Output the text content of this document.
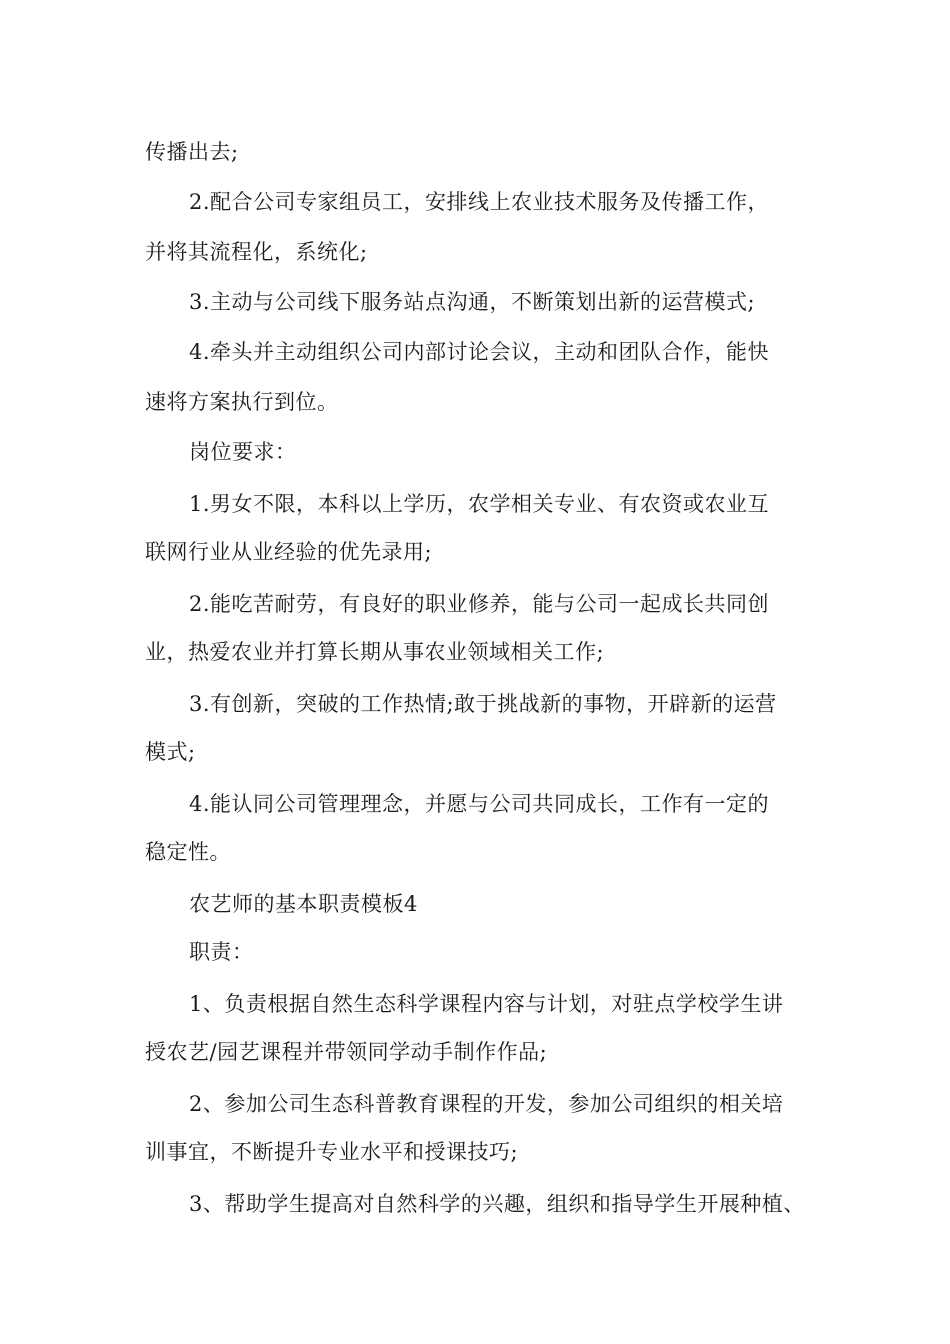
传播出去;
2.配合公司专家组员工，安排线上农业技术服务及传播工作，
并将其流程化，系统化;
3.主动与公司线下服务站点沟通，不断策划出新的运营模式;
4.牵头并主动组织公司内部讨论会议，主动和团队合作，能快
速将方案执行到位。
岗位要求：
1.男女不限，本科以上学历，农学相关专业、有农资或农业互
联网行业从业经验的优先录用;
2.能吃苦耐劳，有良好的职业修养，能与公司一起成长共同创
业，热爱农业并打算长期从事农业领域相关工作;
3.有创新，突破的工作热情;敢于挑战新的事物，开辟新的运营
模式;
4.能认同公司管理理念，并愿与公司共同成长，工作有一定的
稳定性。
农艺师的基本职责模板4
职责：
1、负责根据自然生态科学课程内容与计划，对驻点学校学生讲
授农艺/园艺课程并带领同学动手制作作品;
2、参加公司生态科普教育课程的开发，参加公司组织的相关培
训事宜，不断提升专业水平和授课技巧;
3、帮助学生提高对自然科学的兴趣，组织和指导学生开展种植、
